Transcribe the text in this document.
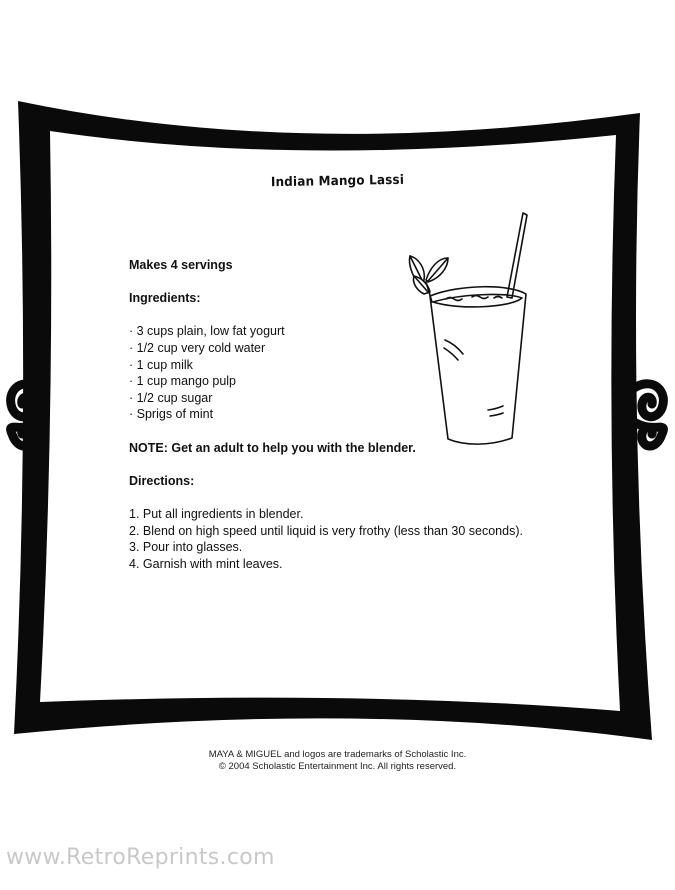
Indian Mango Lassi
Makes 4 servings
Ingredients:
· 3 cups plain, low fat yogurt
· 1/2 cup very cold water
· 1 cup milk
· 1 cup mango pulp
· 1/2 cup sugar
· Sprigs of mint
NOTE: Get an adult to help you with the blender.
Directions:
1. Put all ingredients in blender.
2. Blend on high speed until liquid is very frothy (less than 30 seconds).
3. Pour into glasses.
4. Garnish with mint leaves.
MAYA & MIGUEL and logos are trademarks of Scholastic Inc.
© 2004 Scholastic Entertainment Inc. All rights reserved.
www.RetroReprints.com
